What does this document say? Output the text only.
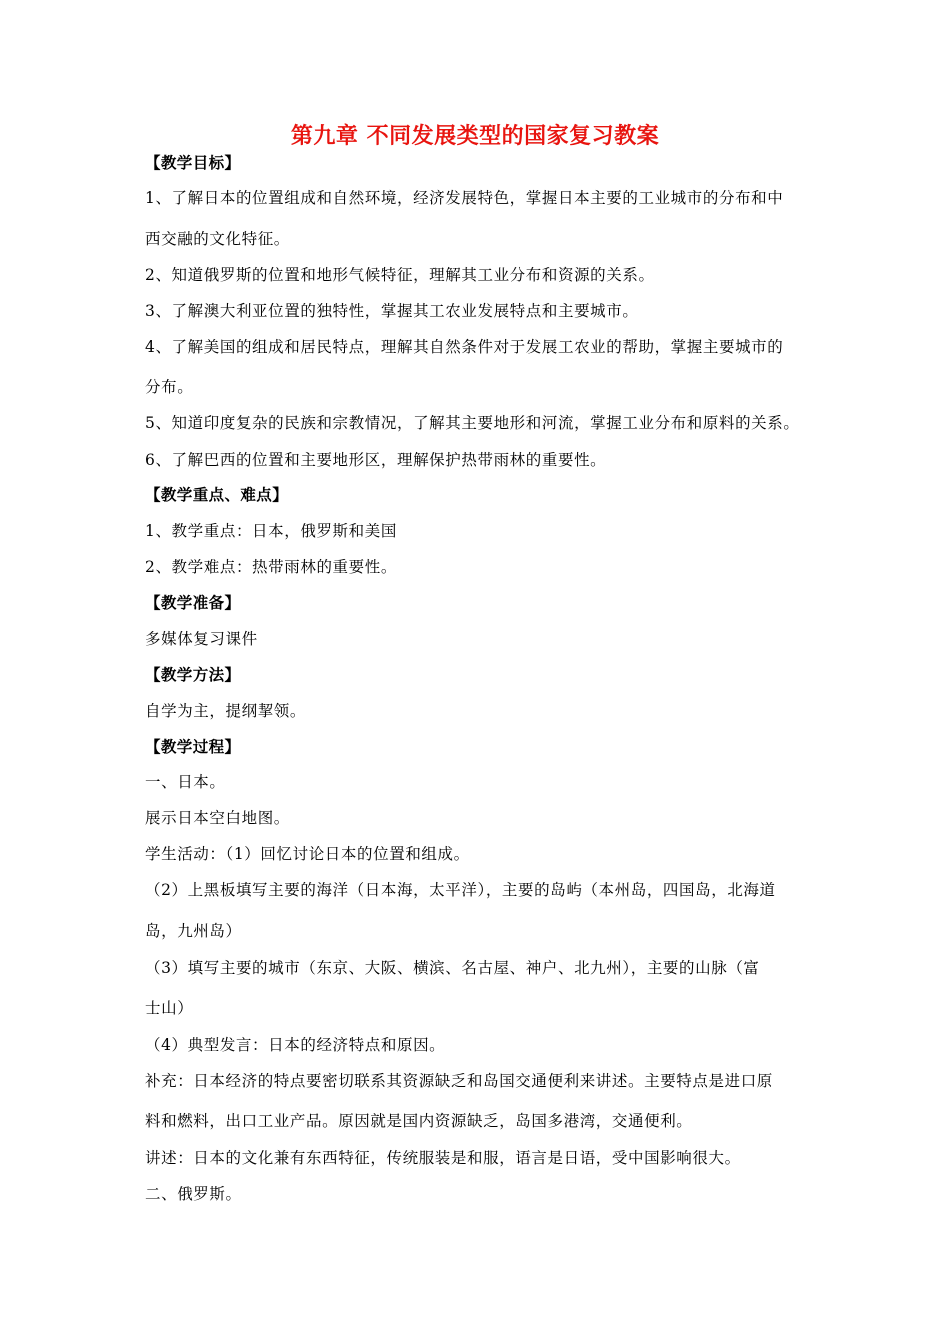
第九章 不同发展类型的国家复习教案
【教学目标】
1、了解日本的位置组成和自然环境，经济发展特色，掌握日本主要的工业城市的分布和中
西交融的文化特征。
2、知道俄罗斯的位置和地形气候特征，理解其工业分布和资源的关系。
3、了解澳大利亚位置的独特性，掌握其工农业发展特点和主要城市。
4、了解美国的组成和居民特点，理解其自然条件对于发展工农业的帮助，掌握主要城市的
分布。
5、知道印度复杂的民族和宗教情况，了解其主要地形和河流，掌握工业分布和原料的关系。
6、了解巴西的位置和主要地形区，理解保护热带雨林的重要性。
【教学重点、难点】
1、教学重点：日本，俄罗斯和美国
2、教学难点：热带雨林的重要性。
【教学准备】
多媒体复习课件
【教学方法】
自学为主，提纲挈领。
【教学过程】
一、日本。
展示日本空白地图。
学生活动：（1）回忆讨论日本的位置和组成。
（2）上黑板填写主要的海洋（日本海，太平洋），主要的岛屿（本州岛，四国岛，北海道
岛，九州岛）
（3）填写主要的城市（东京、大阪、横滨、名古屋、神户、北九州），主要的山脉（富
士山）
（4）典型发言：日本的经济特点和原因。
补充：日本经济的特点要密切联系其资源缺乏和岛国交通便利来讲述。主要特点是进口原
料和燃料，出口工业产品。原因就是国内资源缺乏，岛国多港湾，交通便利。
讲述：日本的文化兼有东西特征，传统服装是和服，语言是日语，受中国影响很大。
二、俄罗斯。
